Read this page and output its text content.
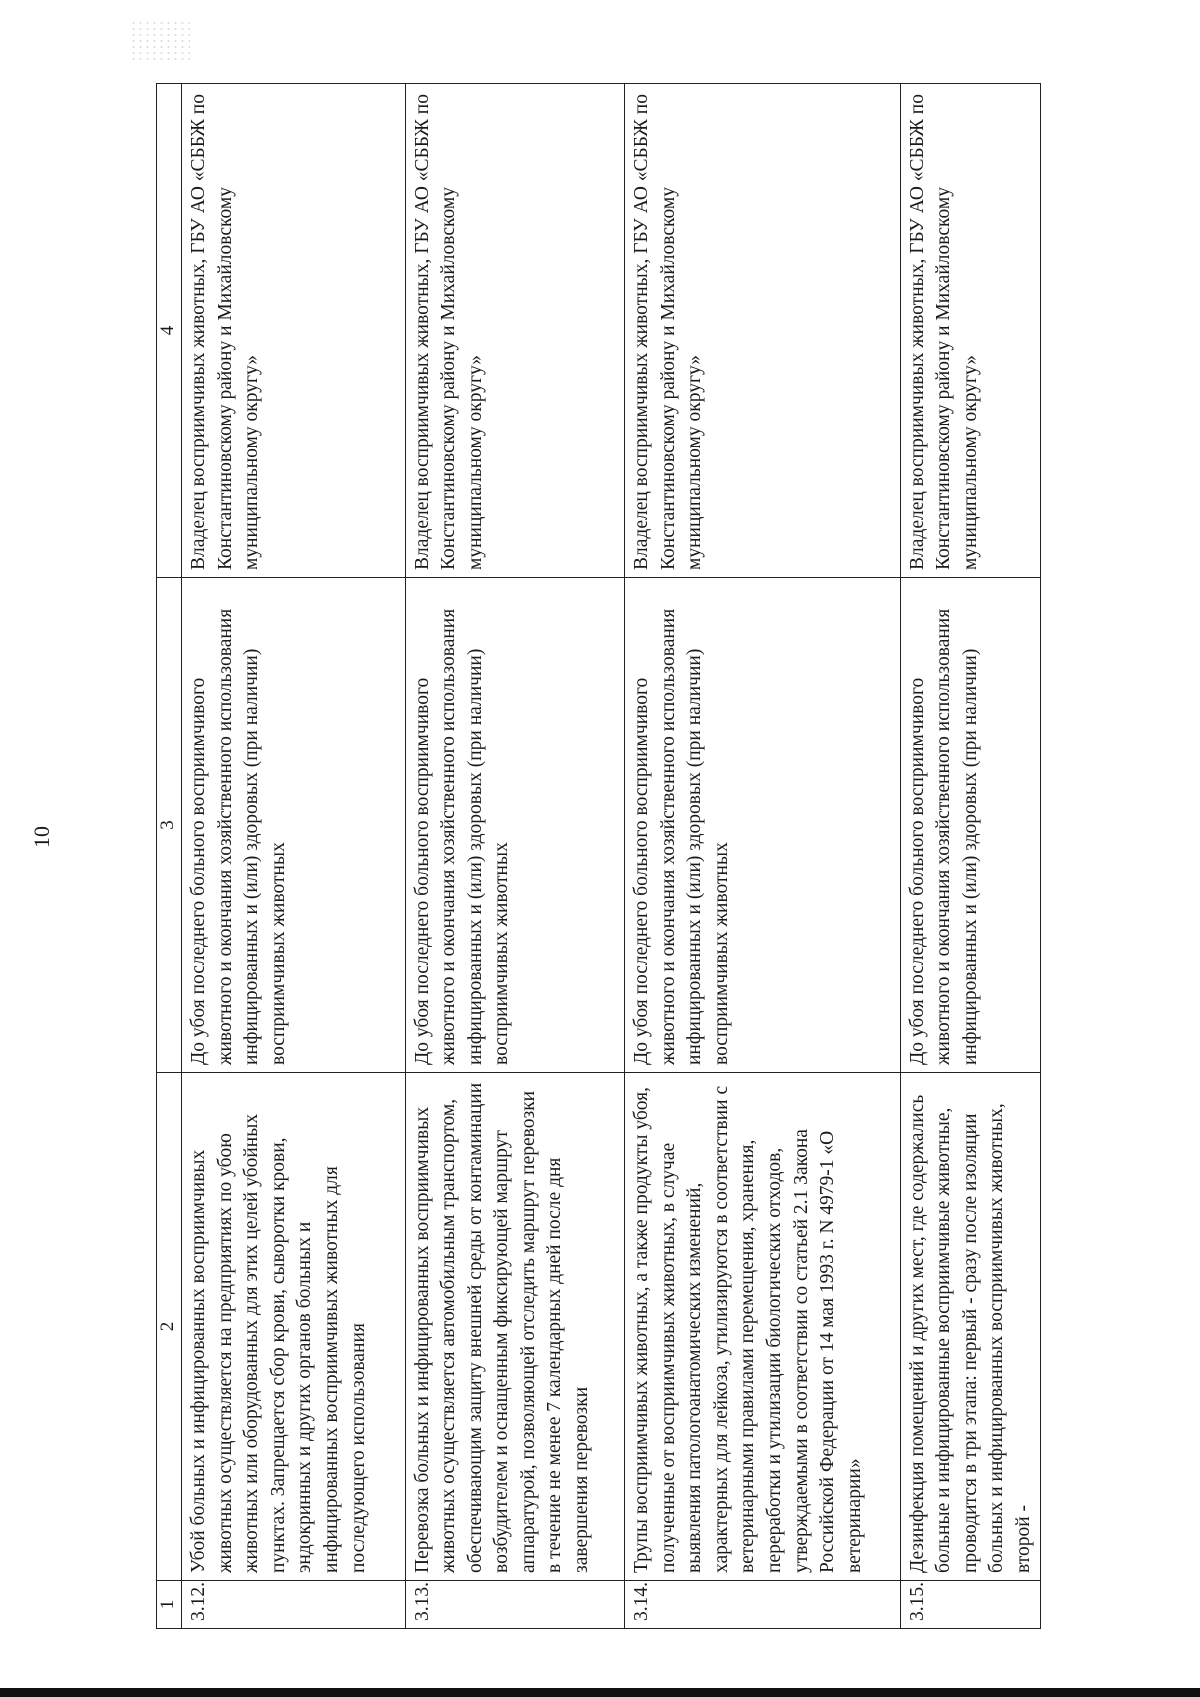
10
1	2	3	4
3.12.	Убой больных и инфицированных восприимчивых животных осуществляется на предприятиях по убою животных или оборудованных для этих целей убойных пунктах. Запрещается сбор крови, сыворотки крови, эндокринных и других органов больных и инфицированных восприимчивых животных для последующего использования	До убоя последнего больного восприимчивого животного и окончания хозяйственного использования инфицированных и (или) здоровых (при наличии) восприимчивых животных	Владелец восприимчивых животных, ГБУ АО «СББЖ по Константиновскому району и Михайловскому муниципальному округу»
3.13.	Перевозка больных и инфицированных восприимчивых животных осуществляется автомобильным транспортом, обеспечивающим защиту внешней среды от контаминации возбудителем и оснащенным фиксирующей маршрут аппаратурой, позволяющей отследить маршрут перевозки в течение не менее 7 календарных дней после дня завершения перевозки	До убоя последнего больного восприимчивого животного и окончания хозяйственного использования инфицированных и (или) здоровых (при наличии) восприимчивых животных	Владелец восприимчивых животных, ГБУ АО «СББЖ по Константиновскому району и Михайловскому муниципальному округу»
3.14.	Трупы восприимчивых животных, а также продукты убоя, полученные от восприимчивых животных, в случае выявления патологоанатомических изменений, характерных для лейкоза, утилизируются в соответствии с ветеринарными правилами перемещения, хранения, переработки и утилизации биологических отходов, утверждаемыми в соответствии со статьей 2.1 Закона Российской Федерации от 14 мая 1993 г. N 4979-1 «О ветеринарии»	До убоя последнего больного восприимчивого животного и окончания хозяйственного использования инфицированных и (или) здоровых (при наличии) восприимчивых животных	Владелец восприимчивых животных, ГБУ АО «СББЖ по Константиновскому району и Михайловскому муниципальному округу»
3.15.	Дезинфекция помещений и других мест, где содержались больные и инфицированные восприимчивые животные, проводится в три этапа: первый - сразу после изоляции больных и инфицированных восприимчивых животных, второй -	До убоя последнего больного восприимчивого животного и окончания хозяйственного использования инфицированных и (или) здоровых (при наличии)	Владелец восприимчивых животных, ГБУ АО «СББЖ по Константиновскому району и Михайловскому муниципальному округу»
